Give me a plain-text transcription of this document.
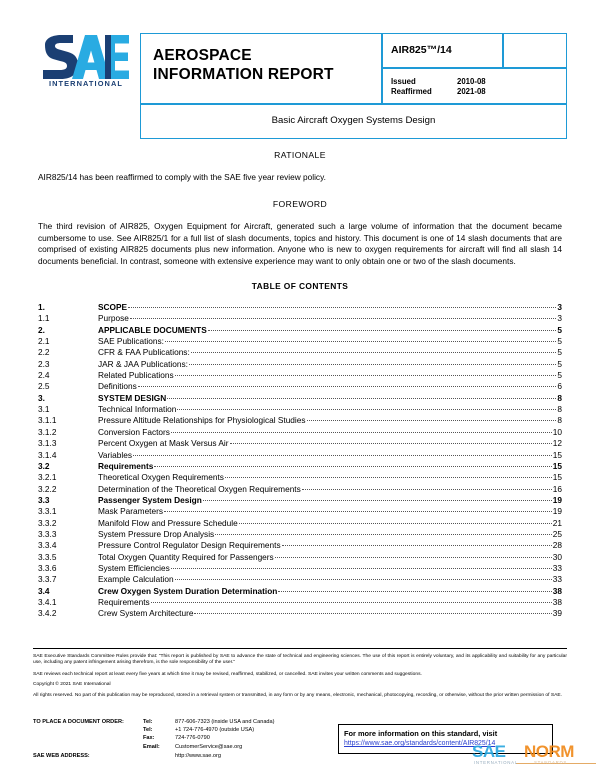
INTERNATIONAL
AEROSPACE
INFORMATION REPORT
AIR825™/14
Issued	2010-08
Reaffirmed	2021-08
Basic Aircraft Oxygen Systems Design
RATIONALE

AIR825/14 has been reaffirmed to comply with the SAE five year review policy.

FOREWORD

The third revision of AIR825, Oxygen Equipment for Aircraft, generated such a large volume of information that the document became cumbersome to use. See AIR825/1 for a full list of slash documents, topics and history. This document is one of 14 slash documents that are comprised of existing AIR825 documents plus new information. Anyone who is new to oxygen requirements for aircraft will find all slash 14 documents beneficial. In contrast, someone with extensive experience may want to only obtain one or two of the slash documents.

TABLE OF CONTENTS
1.	SCOPE	3
1.1	Purpose	3
2.	APPLICABLE DOCUMENTS	5
2.1	SAE Publications:	5
2.2	CFR & FAA Publications:	5
2.3	JAR & JAA Publications:	5
2.4	Related Publications	5
2.5	Definitions	6
3.	SYSTEM DESIGN	8
3.1	Technical Information	8
3.1.1	Pressure Altitude Relationships for Physiological Studies	8
3.1.2	Conversion Factors	10
3.1.3	Percent Oxygen at Mask Versus Air	12
3.1.4	Variables	15
3.2	Requirements	15
3.2.1	Theoretical Oxygen Requirements	15
3.2.2	Determination of the Theoretical Oxygen Requirements	16
3.3	Passenger System Design	19
3.3.1	Mask Parameters	19
3.3.2	Manifold Flow and Pressure Schedule	21
3.3.3	System Pressure Drop Analysis	25
3.3.4	Pressure Control Regulator Design Requirements	28
3.3.5	Total Oxygen Quantity Required for Passengers	30
3.3.6	System Efficiencies	33
3.3.7	Example Calculation	33
3.4	Crew Oxygen System Duration Determination	38
3.4.1	Requirements	38
3.4.2	Crew System Architecture	39

SAE Executive Standards Committee Rules provide that: “This report is published by SAE to advance the state of technical and engineering sciences. The use of this report is entirely voluntary, and its applicability and suitability for any particular use, including any patent infringement arising therefrom, is the sole responsibility of the user.”

SAE reviews each technical report at least every five years at which time it may be revised, reaffirmed, stabilized, or cancelled. SAE invites your written comments and suggestions.

Copyright © 2021 SAE International

All rights reserved. No part of this publication may be reproduced, stored in a retrieval system or transmitted, in any form or by any means, electronic, mechanical, photocopying, recording, or otherwise, without the prior written permission of SAE.

TO PLACE A DOCUMENT ORDER:	Tel:	877-606-7323 (inside USA and Canada)
Tel:	+1 724-776-4970 (outside USA)
Fax:	724-776-0790
Email:	CustomerService@sae.org
SAE WEB ADDRESS:	http://www.sae.org
For more information on this standard, visit
https://www.sae.org/standards/content/AIR825/14
SAE NORM
INTERNATIONAL	STANDARDS
